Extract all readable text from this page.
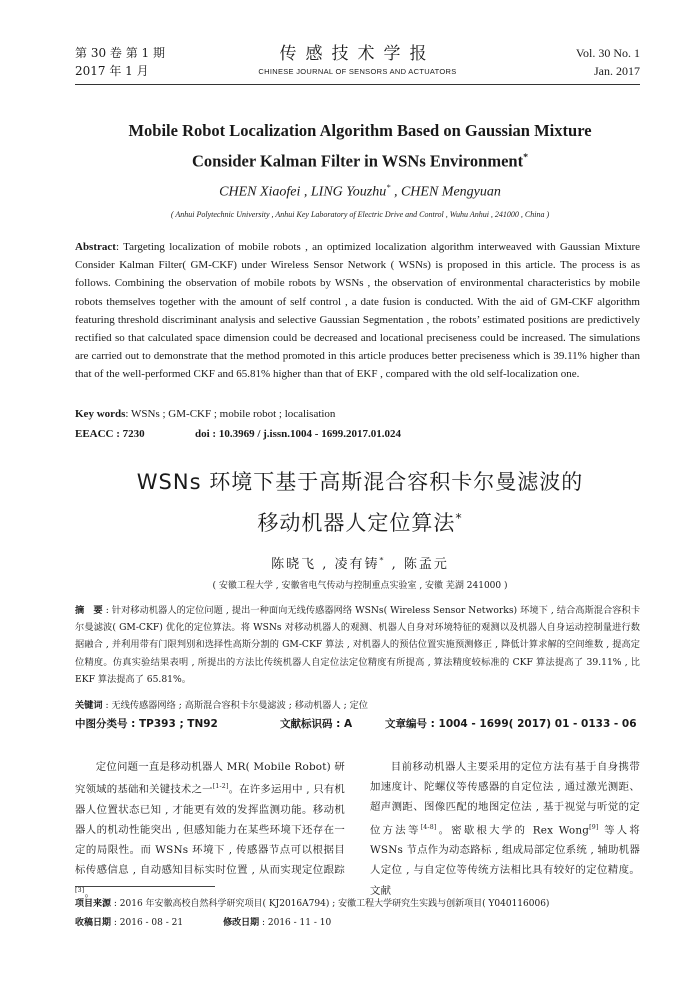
第 30 卷 第 1 期
2017 年 1 月
传感技术学报
CHINESE JOURNAL OF SENSORS AND ACTUATORS
Vol. 30 No. 1
Jan. 2017
Mobile Robot Localization Algorithm Based on Gaussian Mixture
Consider Kalman Filter in WSNs Environment*
CHEN Xiaofei , LING Youzhu* , CHEN Mengyuan
( Anhui Polytechnic University , Anhui Key Laboratory of Electric Drive and Control , Wuhu Anhui , 241000 , China )
Abstract: Targeting localization of mobile robots , an optimized localization algorithm interweaved with Gaussian Mixture Consider Kalman Filter( GM-CKF) under Wireless Sensor Network ( WSNs) is proposed in this article. The process is as follows. Combining the observation of mobile robots by WSNs , the observation of environmental characteristics by mobile robots themselves together with the amount of self control , a date fusion is conducted. With the aid of GM-CKF algorithm featuring threshold discriminant analysis and selective Gaussian Segmentation , the robots’ estimated positions are predictively rectified so that calculated space dimension could be decreased and locational preciseness could be increased. The simulations are carried out to demonstrate that the method promoted in this article produces better preciseness which is 39.11% higher than that of the well-performed CKF and 65.81% higher than that of EKF , compared with the old self-localization one.
Key words: WSNs ; GM-CKF ; mobile robot ; localisation
EEACC : 7230	doi : 10.3969 / j.issn.1004 - 1699.2017.01.024
WSNs 环境下基于高斯混合容积卡尔曼滤波的
移动机器人定位算法*
陈晓飞 , 凌有铸* , 陈孟元
( 安徽工程大学 , 安徽省电气传动与控制重点实验室 , 安徽 芜湖 241000 )
摘　要 : 针对移动机器人的定位问题 , 提出一种面向无线传感器网络 WSNs( Wireless Sensor Networks) 环境下 , 结合高斯混合容积卡尔曼滤波( GM-CKF) 优化的定位算法。将 WSNs 对移动机器人的观测、机器人自身对环境特征的观测以及机器人自身运动控制量进行数据融合 , 并利用带有门限判别和选择性高斯分割的 GM-CKF 算法 , 对机器人的预估位置实施预测修正 , 降低计算求解的空间维数 , 提高定位精度。仿真实验结果表明 , 所提出的方法比传统机器人自定位法定位精度有所提高 , 算法精度较标准的 CKF 算法提高了 39.11% , 比 EKF 算法提高了 65.81%。
关键词 : 无线传感器网络 ; 高斯混合容积卡尔曼滤波 ; 移动机器人 ; 定位
中图分类号 : TP393 ; TN92	文献标识码 : A	文章编号 : 1004 - 1699( 2017) 01 - 0133 - 06

定位问题一直是移动机器人 MR( Mobile Robot) 研究领域的基础和关键技术之一[1-2]。在许多运用中 , 只有机器人位置状态已知 , 才能更有效的发挥监测功能。移动机器人的机动性能突出 , 但感知能力在某些环境下还存在一定的局限性。而 WSNs 环境下 , 传感器节点可以根据目标传感信息 , 自动感知目标实时位置 , 从而实现定位跟踪[3]。

目前移动机器人主要采用的定位方法有基于自身携带加速度计、陀螺仪等传感器的自定位法 , 通过激光测距、超声测距、图像匹配的地图定位法 , 基于视觉与听觉的定位方法等[4-8]。密歇根大学的 Rex Wong[9] 等人将 WSNs 节点作为动态路标 , 组成局部定位系统 , 辅助机器人定位 , 与自定位等传统方法相比具有较好的定位精度。文献

项目来源 : 2016 年安徽高校自然科学研究项目( KJ2016A794) ; 安徽工程大学研究生实践与创新项目( Y040116006)
收稿日期 : 2016 - 08 - 21	修改日期 : 2016 - 11 - 10
